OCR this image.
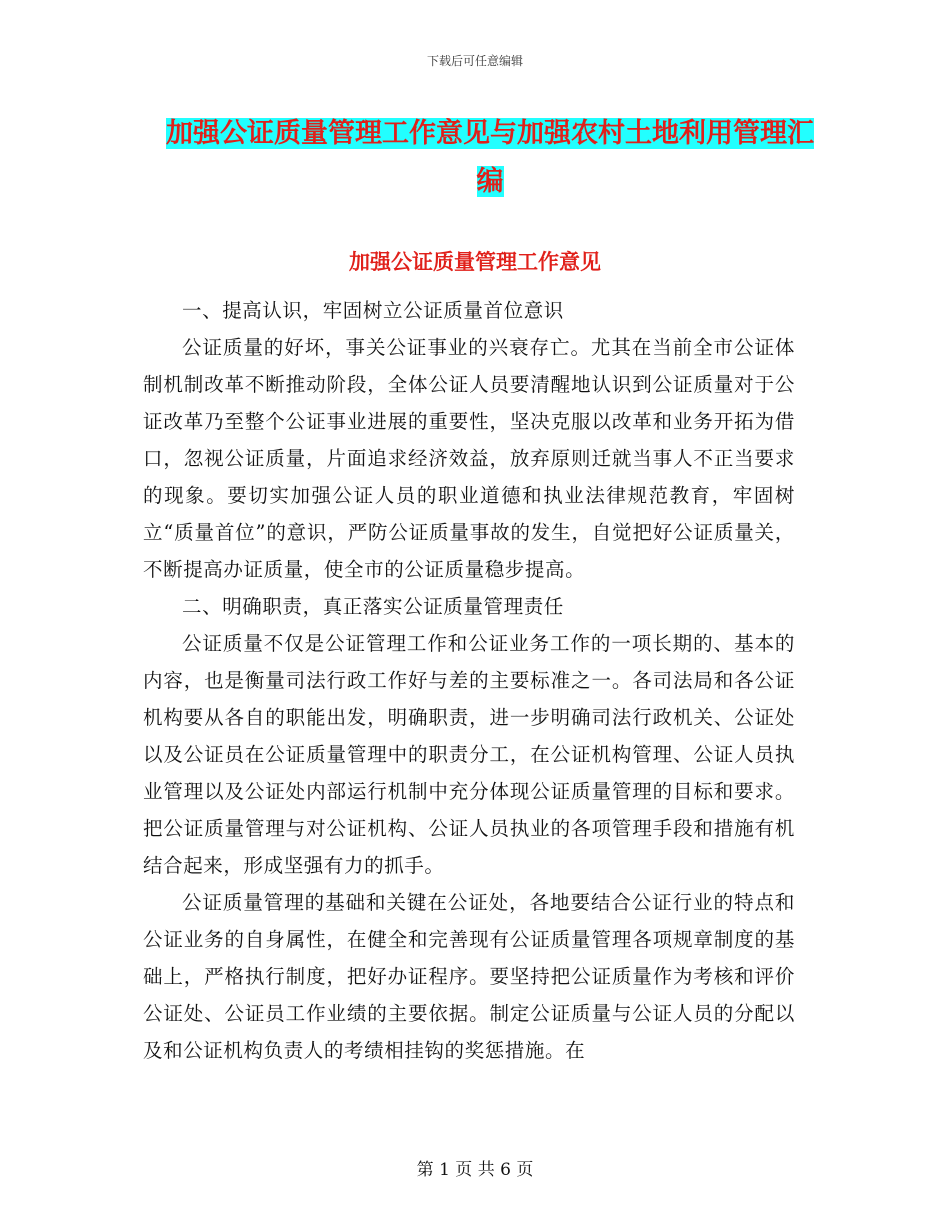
下载后可任意编辑
加强公证质量管理工作意见与加强农村土地利用管理汇编
加强公证质量管理工作意见

一、提高认识，牢固树立公证质量首位意识

公证质量的好坏，事关公证事业的兴衰存亡。尤其在当前全市公证体制机制改革不断推动阶段，全体公证人员要清醒地认识到公证质量对于公证改革乃至整个公证事业进展的重要性，坚决克服以改革和业务开拓为借口，忽视公证质量，片面追求经济效益，放弃原则迁就当事人不正当要求的现象。要切实加强公证人员的职业道德和执业法律规范教育，牢固树立“质量首位”的意识，严防公证质量事故的发生，自觉把好公证质量关，不断提高办证质量，使全市的公证质量稳步提高。

二、明确职责，真正落实公证质量管理责任

公证质量不仅是公证管理工作和公证业务工作的一项长期的、基本的内容，也是衡量司法行政工作好与差的主要标准之一。各司法局和各公证机构要从各自的职能出发，明确职责，进一步明确司法行政机关、公证处以及公证员在公证质量管理中的职责分工，在公证机构管理、公证人员执业管理以及公证处内部运行机制中充分体现公证质量管理的目标和要求。把公证质量管理与对公证机构、公证人员执业的各项管理手段和措施有机结合起来，形成坚强有力的抓手。

公证质量管理的基础和关键在公证处，各地要结合公证行业的特点和公证业务的自身属性，在健全和完善现有公证质量管理各项规章制度的基础上，严格执行制度，把好办证程序。要坚持把公证质量作为考核和评价公证处、公证员工作业绩的主要依据。制定公证质量与公证人员的分配以及和公证机构负责人的考绩相挂钩的奖惩措施。在

第 1 页 共 6 页
